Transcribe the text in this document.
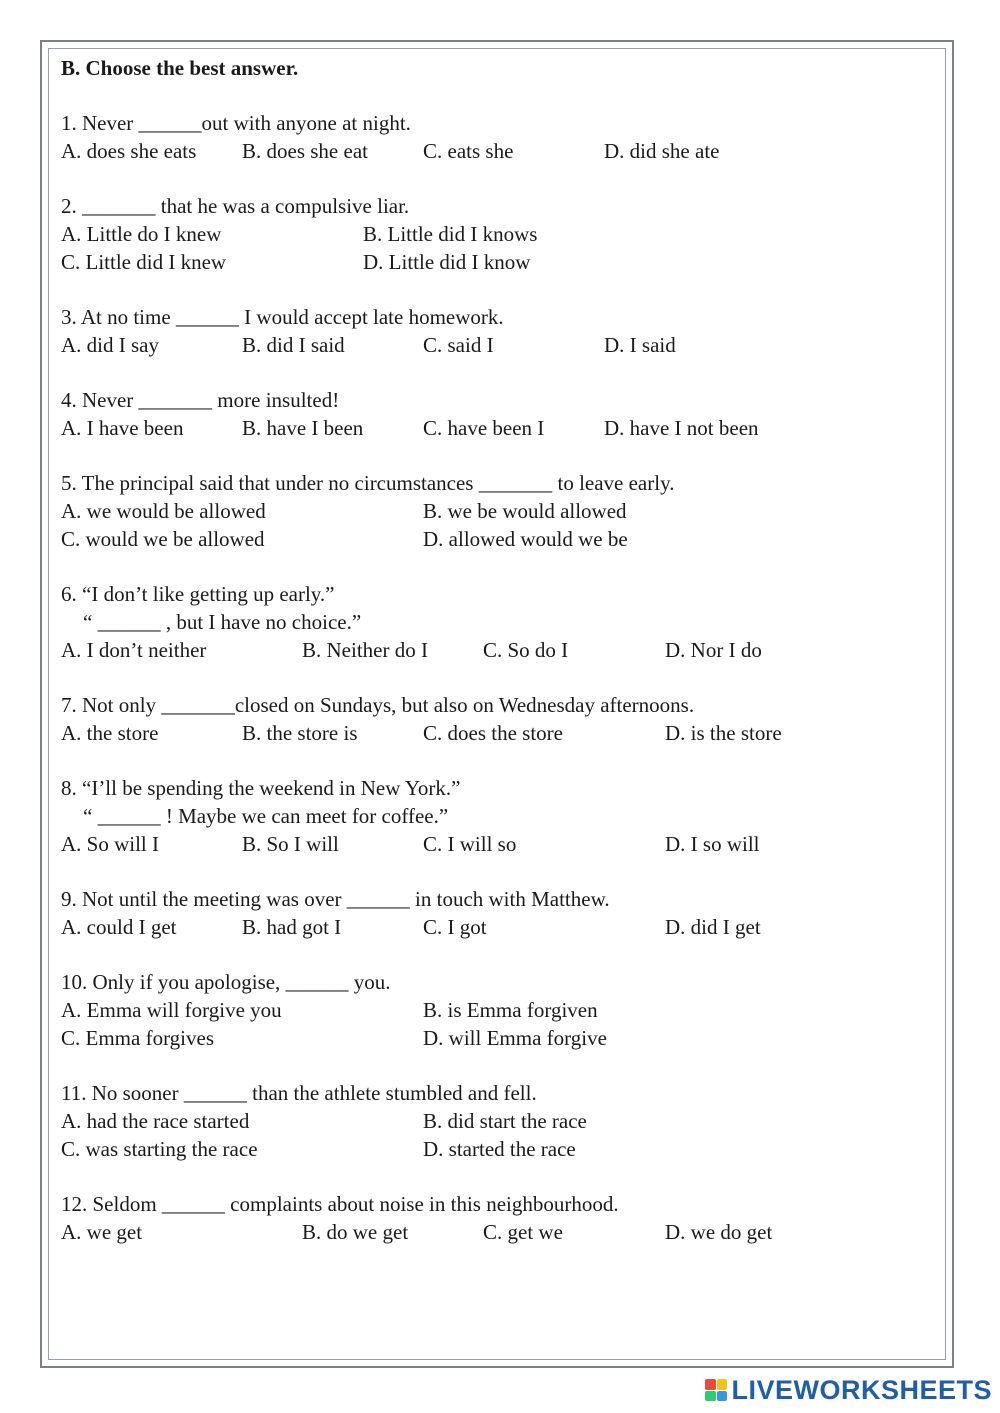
B. Choose the best answer.
1. Never ______out with anyone at night.
A. does she eats B. does she eat	C. eats she	D. did she ate
2. _______ that he was a compulsive liar.
A. Little do I knew	B. Little did I knows
C. Little did I knew	D. Little did I know
3. At no time ______ I would accept late homework.
A. did I say	B. did I said	C. said I	D. I said
4. Never _______ more insulted!
A. I have been	B. have I been	C. have been I	D. have I not been
5. The principal said that under no circumstances _______ to leave early.
A. we would be allowed	B. we be would allowed
C. would we be allowed	D. allowed would we be
6. “I don’t like getting up early.”
“ ______ , but I have no choice.”
A. I don’t neither	B. Neither do I	C. So do I	D. Nor I do
7. Not only _______closed on Sundays, but also on Wednesday afternoons.
A. the store	B. the store is	C. does the store	D. is the store
8. “I’ll be spending the weekend in New York.”
“ ______ ! Maybe we can meet for coffee.”
A. So will I	B. So I will	C. I will so	D. I so will
9. Not until the meeting was over ______ in touch with Matthew.
A. could I get	B. had got I	C. I got	D. did I get
10. Only if you apologise, ______ you.
A. Emma will forgive you	B. is Emma forgiven
C. Emma forgives	D. will Emma forgive
11. No sooner ______ than the athlete stumbled and fell.
A. had the race started	B. did start the race
C. was starting the race	D. started the race
12. Seldom ______ complaints about noise in this neighbourhood.
A. we get	B. do we get	C. get we	D. we do get
LIVEWORKSHEETS
